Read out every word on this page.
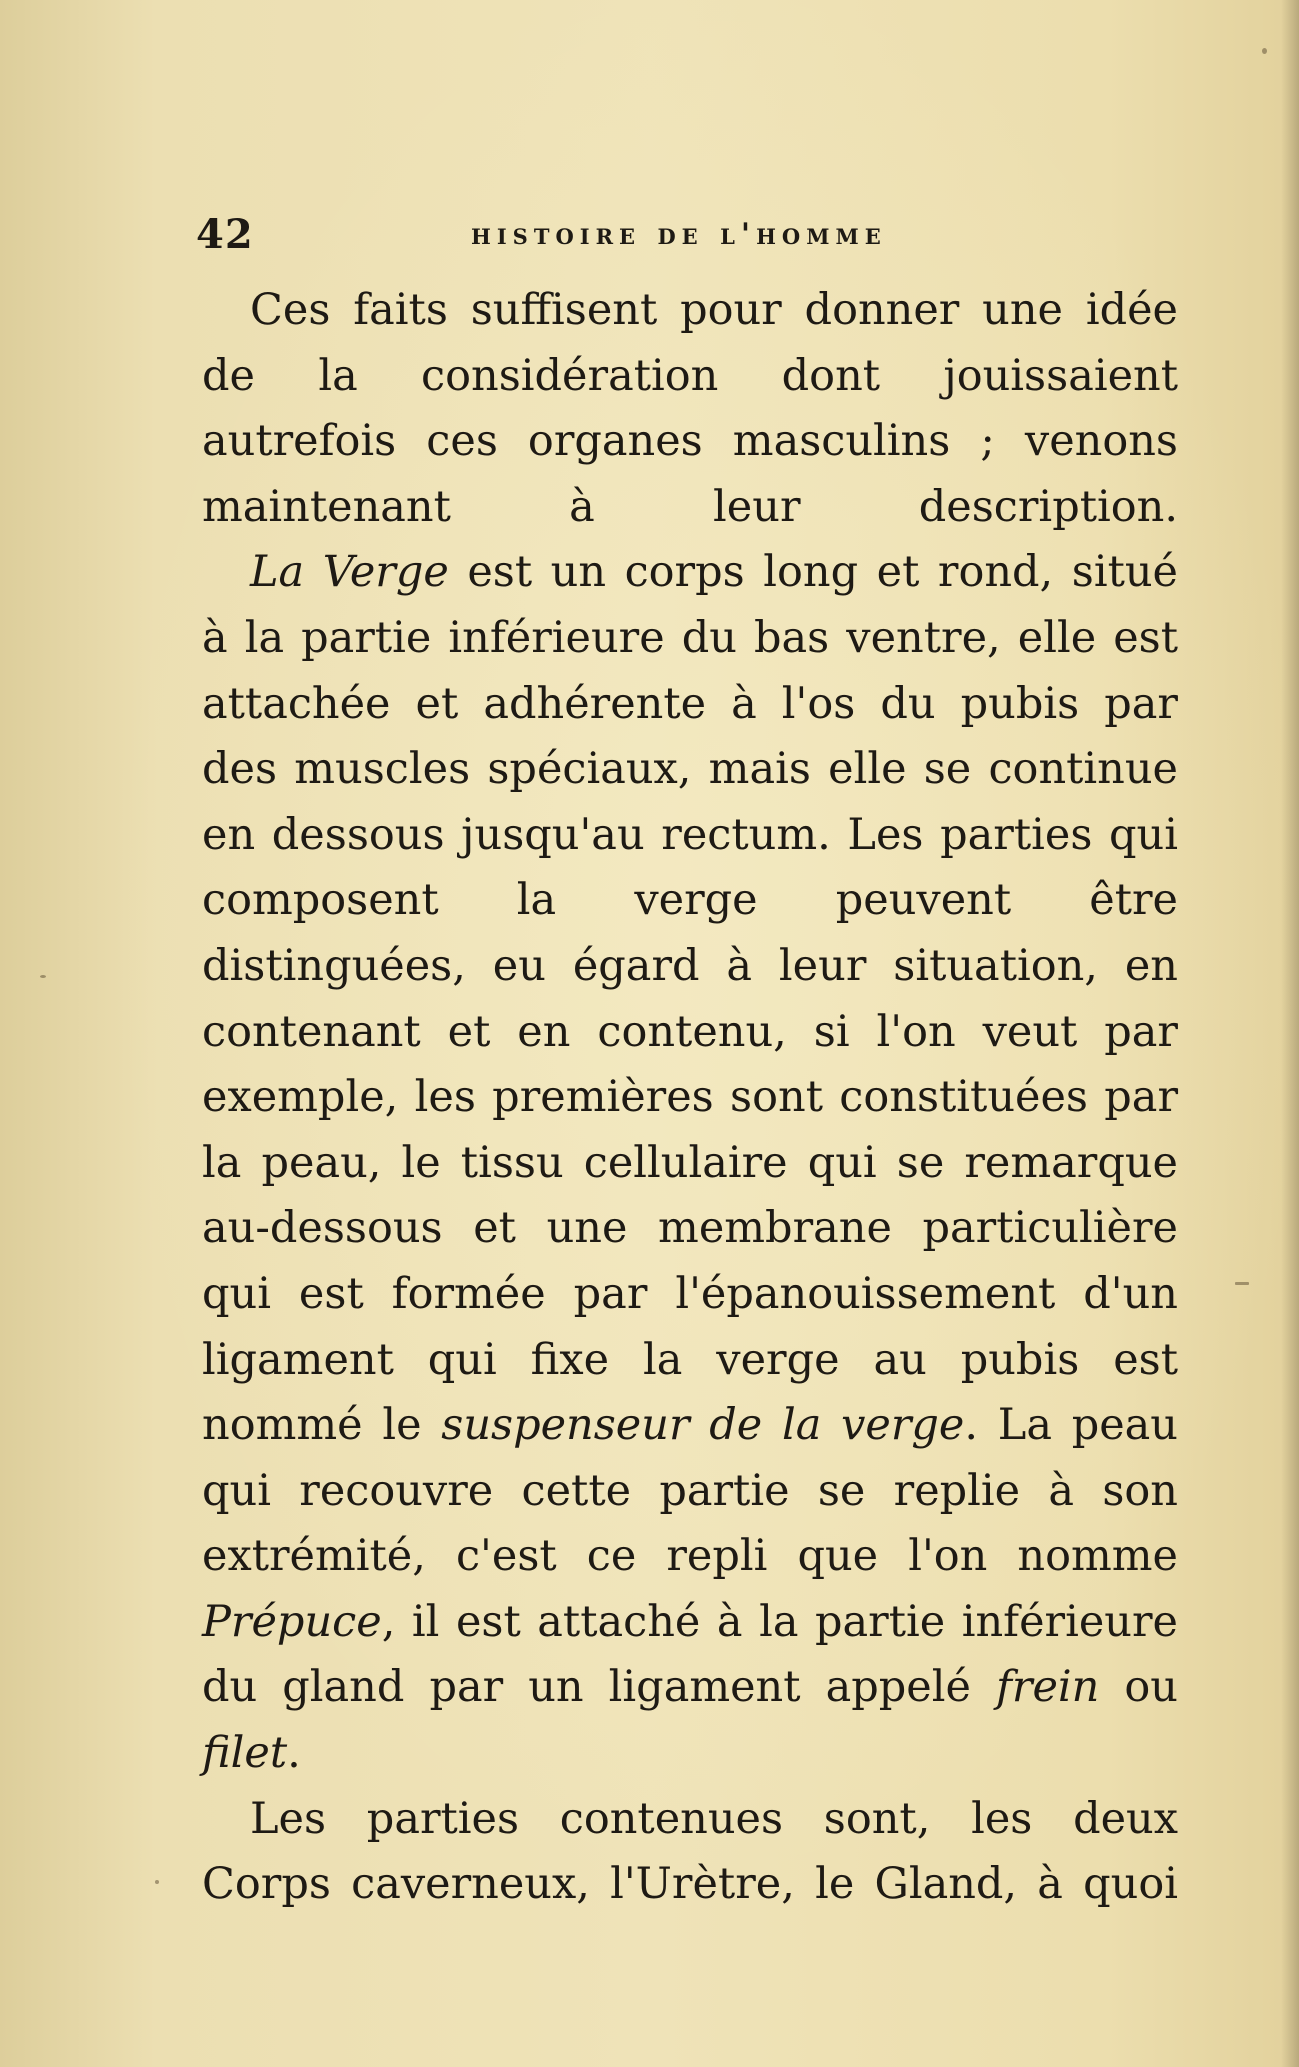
42	histoire de l'homme

Ces faits suffisent pour donner une idée de la considération dont jouissaient autrefois ces organes masculins ; venons maintenant à leur description.

La Verge est un corps long et rond, situé à la partie inférieure du bas ventre, elle est attachée et adhérente à l'os du pubis par des muscles spéciaux, mais elle se continue en dessous jusqu'au rectum. Les parties qui composent la verge peuvent être distinguées, eu égard à leur situation, en contenant et en contenu, si l'on veut par exemple, les premières sont constituées par la peau, le tissu cellulaire qui se remarque au-dessous et une membrane particulière qui est formée par l'épanouissement d'un ligament qui fixe la verge au pubis est nommé le suspenseur de la verge. La peau qui recouvre cette partie se replie à son extrémité, c'est ce repli que l'on nomme Prépuce, il est attaché à la partie inférieure du gland par un ligament appelé frein ou filet.

Les parties contenues sont, les deux Corps caverneux, l'Urètre, le Gland, à quoi
